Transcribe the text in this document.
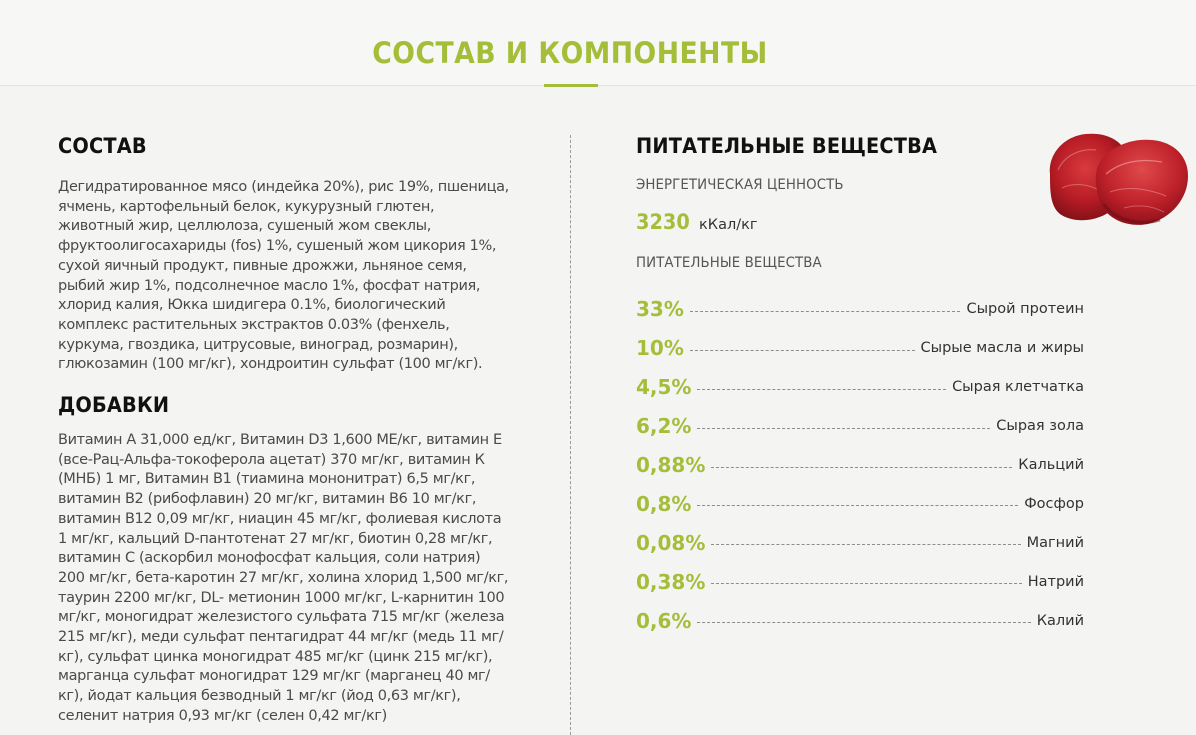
СОСТАВ И КОМПОНЕНТЫ
СОСТАВ
Дегидратированное мясо (индейка 20%), рис 19%, пшеница, ячмень, картофельный белок, кукурузный глютен, животный жир, целлюлоза, сушеный жом свеклы, фруктоолигосахариды (fos) 1%, сушеный жом цикория 1%, сухой яичный продукт, пивные дрожжи, льняное семя, рыбий жир 1%, подсолнечное масло 1%, фосфат натрия, хлорид калия, Юкка шидигера 0.1%, биологический комплекс растительных экстрактов 0.03% (фенхель, куркума, гвоздика, цитрусовые, виноград, розмарин), глюкозамин (100 мг/кг), хондроитин сульфат (100 мг/кг).
ДОБАВКИ
Витамин А 31,000 ед/кг, Витамин D3 1,600 МЕ/кг, витамин Е (все-Рац-Альфа-токоферола ацетат) 370 мг/кг, витамин К (МНБ) 1 мг, Витамин В1 (тиамина мононитрат) 6,5 мг/кг, витамин В2 (рибофлавин) 20 мг/кг, витамин В6 10 мг/кг, витамин В12 0,09 мг/кг, ниацин 45 мг/кг, фолиевая кислота 1 мг/кг, кальций D-пантотенат 27 мг/кг, биотин 0,28 мг/кг, витамин С (аскорбил монофосфат кальция, соли натрия) 200 мг/кг, бета-каротин 27 мг/кг, холина хлорид 1,500 мг/кг, таурин 2200 мг/кг, DL- метионин 1000 мг/кг, L-карнитин 100 мг/кг, моногидрат железистого сульфата 715 мг/кг (железа 215 мг/кг), меди сульфат пентагидрат 44 мг/кг (медь 11 мг/кг), сульфат цинка моногидрат 485 мг/кг (цинк 215 мг/кг), марганца сульфат моногидрат 129 мг/кг (марганец 40 мг/кг), йодат кальция безводный 1 мг/кг (йод 0,63 мг/кг), селенит натрия 0,93 мг/кг (селен 0,42 мг/кг)
ПИТАТЕЛЬНЫЕ ВЕЩЕСТВА
ЭНЕРГЕТИЧЕСКАЯ ЦЕННОСТЬ
3230 кКал/кг
ПИТАТЕЛЬНЫЕ ВЕЩЕСТВА
33%	Сырой протеин
10%	Сырые масла и жиры
4,5%	Сырая клетчатка
6,2%	Сырая зола
0,88%	Кальций
0,8%	Фосфор
0,08%	Магний
0,38%	Натрий
0,6%	Калий
